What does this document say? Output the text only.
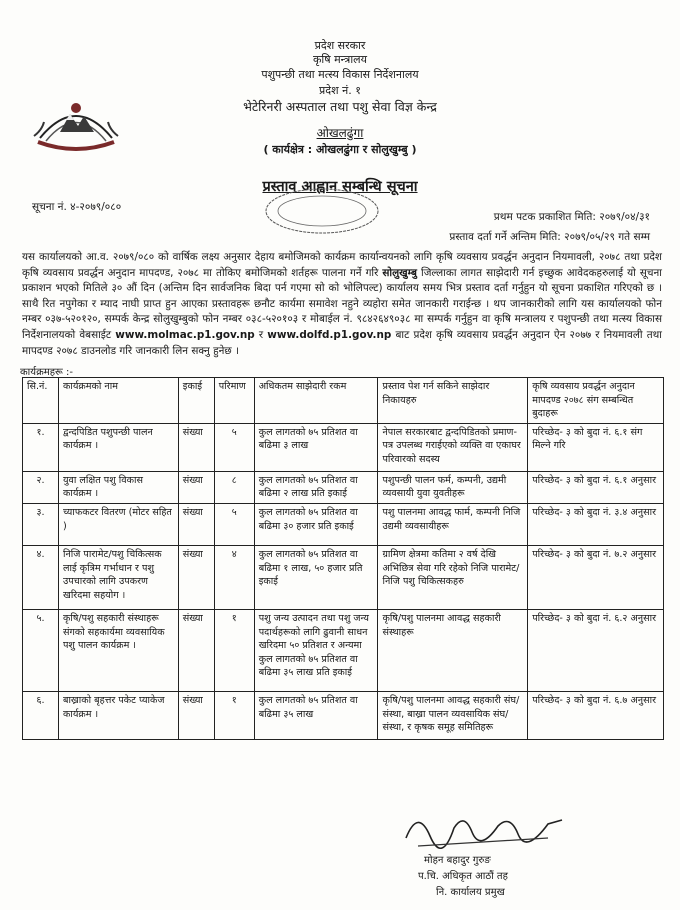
प्रदेश सरकार
कृषि मन्त्रालय
पशुपन्छी तथा मत्स्य विकास निर्देशनालय
प्रदेश नं. १
भेटेरिनरी अस्पताल तथा पशु सेवा विज्ञ केन्द्र
ओखलढुंगा
( कार्यक्षेत्र : ओखलढुंगा र सोलुखुम्बु )
प्रस्ताव आह्वान सम्बन्धि सूचना
सूचना नं. ४-२०७९/०८०
प्रथम पटक प्रकाशित मिति: २०७९/०४/३१
प्रस्ताव दर्ता गर्ने अन्तिम मिति: २०७९/०५/२९ गते सम्म
यस कार्यालयको आ.व. २०७९/०८० को वार्षिक लक्ष्य अनुसार देहाय बमोजिमको कार्यक्रम कार्यान्वयनको लागि कृषि व्यवसाय प्रवर्द्धन अनुदान नियमावली, २०७८ तथा प्रदेश कृषि व्यवसाय प्रवर्द्धन अनुदान मापदण्ड, २०७८ मा तोकिए बमोजिमको शर्तहरू पालना गर्ने गरि सोलुखुम्बु जिल्लाका लागत साझेदारी गर्न इच्छुक आवेदकहरुलाई यो सूचना प्रकाशन भएको मितिले ३० औं दिन (अन्तिम दिन सार्वजनिक बिदा पर्न गएमा सो को भोलिपल्ट) कार्यालय समय भित्र प्रस्ताव दर्ता गर्नुहुन यो सूचना प्रकाशित गरिएको छ । साथै रित नपुगेका र म्याद नाघी प्राप्त हुन आएका प्रस्तावहरू छनौट कार्यमा समावेश नहुने व्यहोरा समेत जानकारी गराईन्छ । थप जानकारीको लागि यस कार्यालयको फोन नम्बर ०३७-५२०१२०, सम्पर्क केन्द्र सोलुखुम्बुको फोन नम्बर ०३८-५२०१०३ र मोबाईल नं. ९८४२६४९०३८ मा सम्पर्क गर्नुहुन वा कृषि मन्त्रालय र पशुपन्छी तथा मत्स्य विकास निर्देशनालयको वेबसाईट www.molmac.p1.gov.np र www.dolfd.p1.gov.np बाट प्रदेश कृषि व्यवसाय प्रवर्द्धन अनुदान ऐन २०७७ र नियमावली तथा मापदण्ड २०७८ डाउनलोड गरि जानकारी लिन सक्नु हुनेछ ।
कार्यक्रमहरू :-
सि.नं.	कार्यक्रमको नाम	इकाई	परिमाण	अधिकतम साझेदारी रकम	प्रस्ताव पेश गर्न सकिने साझेदार निकायहरु	कृषि व्यवसाय प्रवर्द्धन अनुदान मापदण्ड २०७८ संग सम्बन्धित बुदाहरू
१.	द्वन्दपिडित पशुपन्छी पालन कार्यक्रम ।	संख्या	५	कुल लागतको ७५ प्रतिशत वा बढिमा ३ लाख	नेपाल सरकारबाट द्वन्दपिडितको प्रमाण-पत्र उपलब्ध गराईएको व्यक्ति वा एकाघर परिवारको सदस्य	परिच्छेद- ३ को बुदा नं. ६.१ संग मिल्ने गरि
२.	युवा लक्षित पशु विकास कार्यक्रम ।	संख्या	८	कुल लागतको ७५ प्रतिशत वा बढिमा २ लाख प्रति इकाई	पशुपन्छी पालन फर्म, कम्पनी, उद्यमी व्यवसायी युवा युवतीहरू	परिच्छेद- ३ को बुदा नं. ६.१ अनुसार
३.	च्याफकटर वितरण (मोटर सहित )	संख्या	५	कुल लागतको ७५ प्रतिशत वा बढिमा ३० हजार प्रति इकाई	पशु पालनमा आवद्ध फार्म, कम्पनी निजि उद्यमी व्यवसायीहरू	परिच्छेद- ३ को बुदा नं. ३.४ अनुसार
४.	निजि पारामेट/पशु चिकित्सक लाई कृत्रिम गर्भाधान र पशु उपचारको लागि उपकरण खरिदमा सहयोग ।	संख्या	४	कुल लागतको ७५ प्रतिशत वा बढिमा १ लाख, ५० हजार प्रति इकाई	ग्रामिण क्षेत्रमा कतिमा २ वर्ष देखि अभिछित्र सेवा गरि रहेको निजि पारामेट/ निजि पशु चिकित्सकहरु	परिच्छेद- ३ को बुदा नं. ७.२ अनुसार
५.	कृषि/पशु सहकारी संस्थाहरू संगको सहकार्यमा व्यवसायिक पशु पालन कार्यक्रम ।	संख्या	१	पशु जन्य उत्पादन तथा पशु जन्य पदार्थहरूको लागि ढुवानी साधन खरिदमा ५० प्रतिशत र अन्यमा कुल लागतको ७५ प्रतिशत वा बढिमा ३५ लाख प्रति इकाई	कृषि/पशु पालनमा आवद्ध सहकारी संस्थाहरू	परिच्छेद- ३ को बुदा नं. ६.२ अनुसार
६.	बाख्राको बृहत्तर पकेट प्याकेज कार्यक्रम ।	संख्या	१	कुल लागतको ७५ प्रतिशत वा बढिमा ३५ लाख	कृषि/पशु पालनमा आवद्ध सहकारी संघ/संस्था, बाख्रा पालन व्यवसायिक संघ/संस्था, र कृषक समूह समितिहरू	परिच्छेद- ३ को बुदा नं. ६.७ अनुसार
मोहन बहादुर गुरुङ
प.चि. अधिकृत आठौं तह
नि. कार्यालय प्रमुख
